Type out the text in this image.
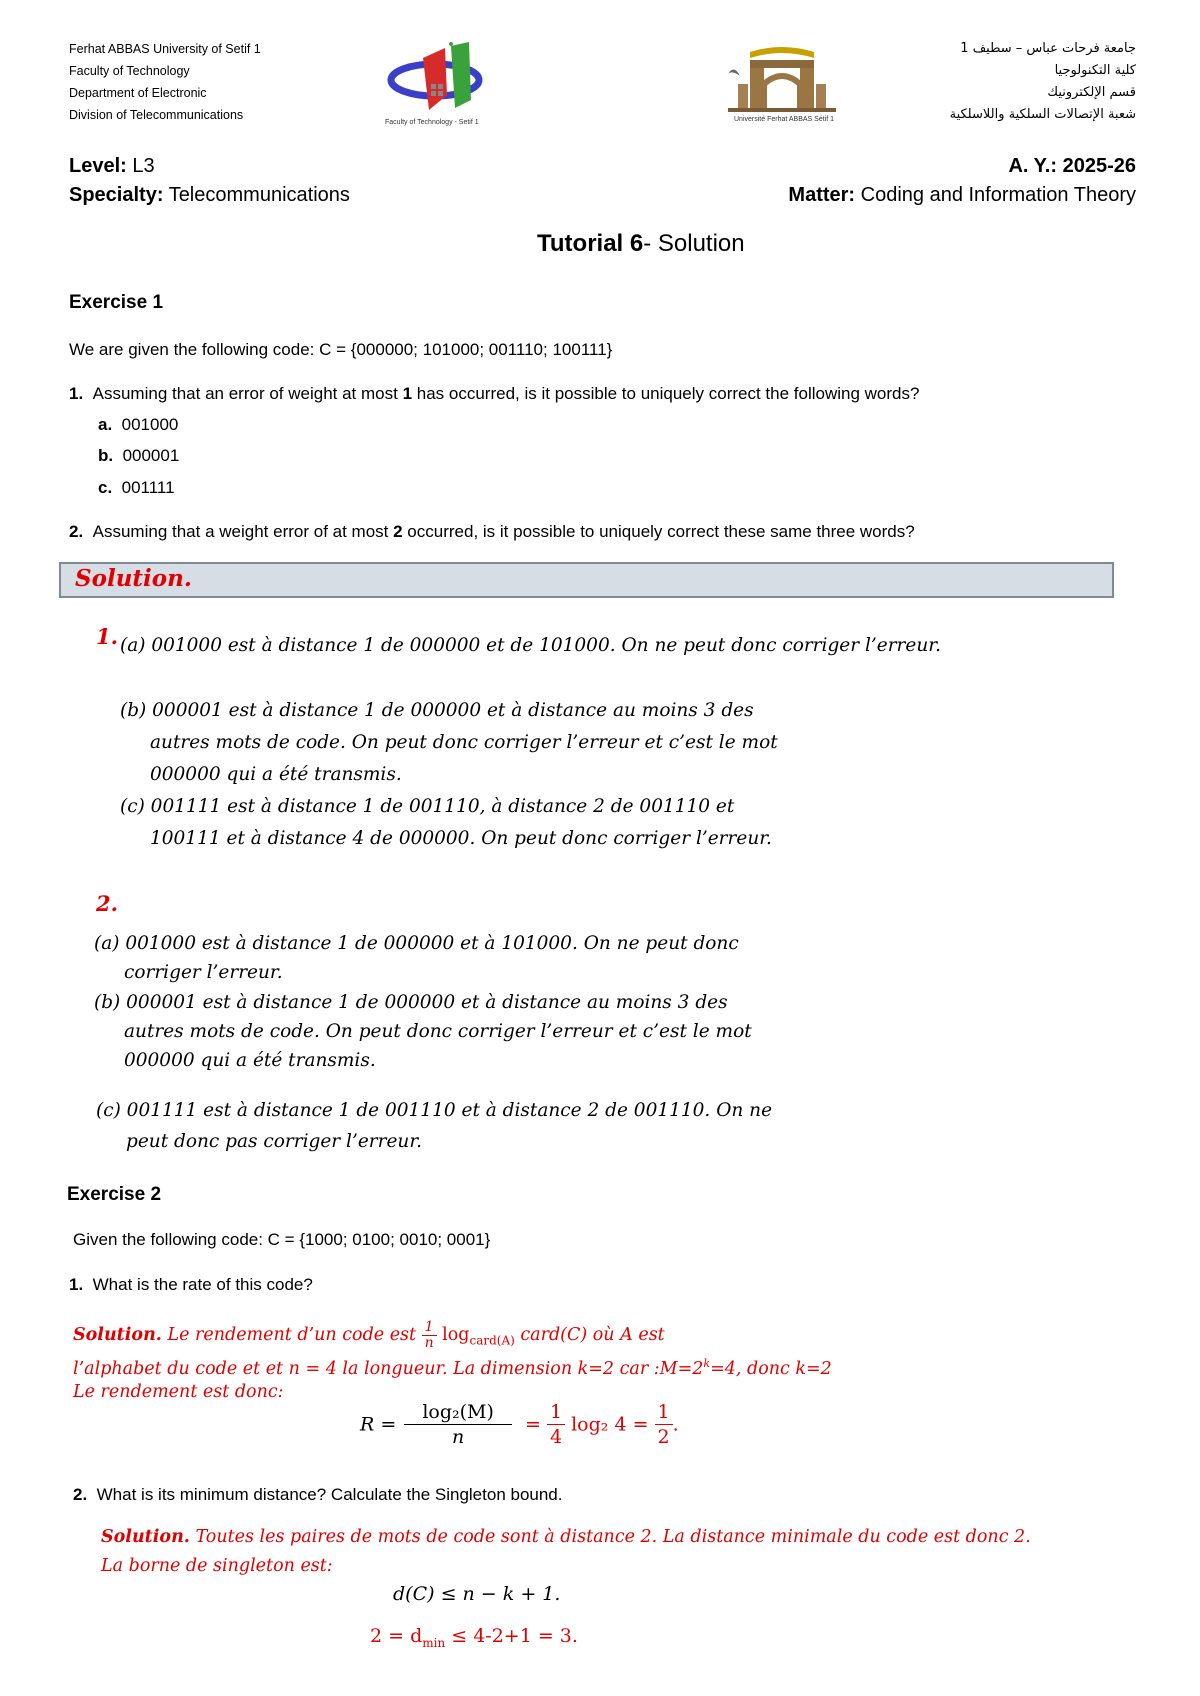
Ferhat ABBAS University of Setif 1
Faculty of Technology
Department of Electronic
Division of Telecommunications
Faculty of Technology - Setif 1	Université Ferhat ABBAS Sétif 1
جامعة فرحات عباس – سطيف 1
كلية التكنولوجيا
قسم الإلكترونيك
شعبة الإتصالات السلكية واللاسلكية
Level: L3	A. Y.: 2025-26
Specialty: Telecommunications	Matter: Coding and Information Theory
Tutorial 6- Solution
Exercise 1
We are given the following code: C = {000000; 101000; 001110; 100111}
1. Assuming that an error of weight at most 1 has occurred, is it possible to uniquely correct the following words?
a. 001000
b. 000001
c. 001111
2. Assuming that a weight error of at most 2 occurred, is it possible to uniquely correct these same three words?
Solution.
1. (a) 001000 est à distance 1 de 000000 et de 101000. On ne peut donc corriger l’erreur.
(b) 000001 est à distance 1 de 000000 et à distance au moins 3 des
autres mots de code. On peut donc corriger l’erreur et c’est le mot
000000 qui a été transmis.
(c) 001111 est à distance 1 de 001110, à distance 2 de 001110 et
100111 et à distance 4 de 000000. On peut donc corriger l’erreur.
2.
(a) 001000 est à distance 1 de 000000 et à 101000. On ne peut donc
corriger l’erreur.
(b) 000001 est à distance 1 de 000000 et à distance au moins 3 des
autres mots de code. On peut donc corriger l’erreur et c’est le mot
000000 qui a été transmis.
(c) 001111 est à distance 1 de 001110 et à distance 2 de 001110. On ne
peut donc pas corriger l’erreur.
Exercise 2
Given the following code: C = {1000; 0100; 0010; 0001}
1. What is the rate of this code?
Solution. Le rendement d’un code est $\frac{1}{n} \log_{card(A)}$ card(C) où A est
l’alphabet du code et et n = 4 la longueur. La dimension k=2 car $:M=2^k=4$, donc k=2
Le rendement est donc:
$R = \frac{\text{log₂(M)}}{n} = \frac{1}{4} \log_2$ $4 = \frac{1}{2}$ .
2. What is its minimum distance? Calculate the Singleton bound.
Solution. Toutes les paires de mots de code sont à distance 2. La distance minimale du code est donc 2.
La borne de singleton est:
d(C) ≤ n − k + 1.
$2 = d_{min} \le 4-2+1 = 3$.
